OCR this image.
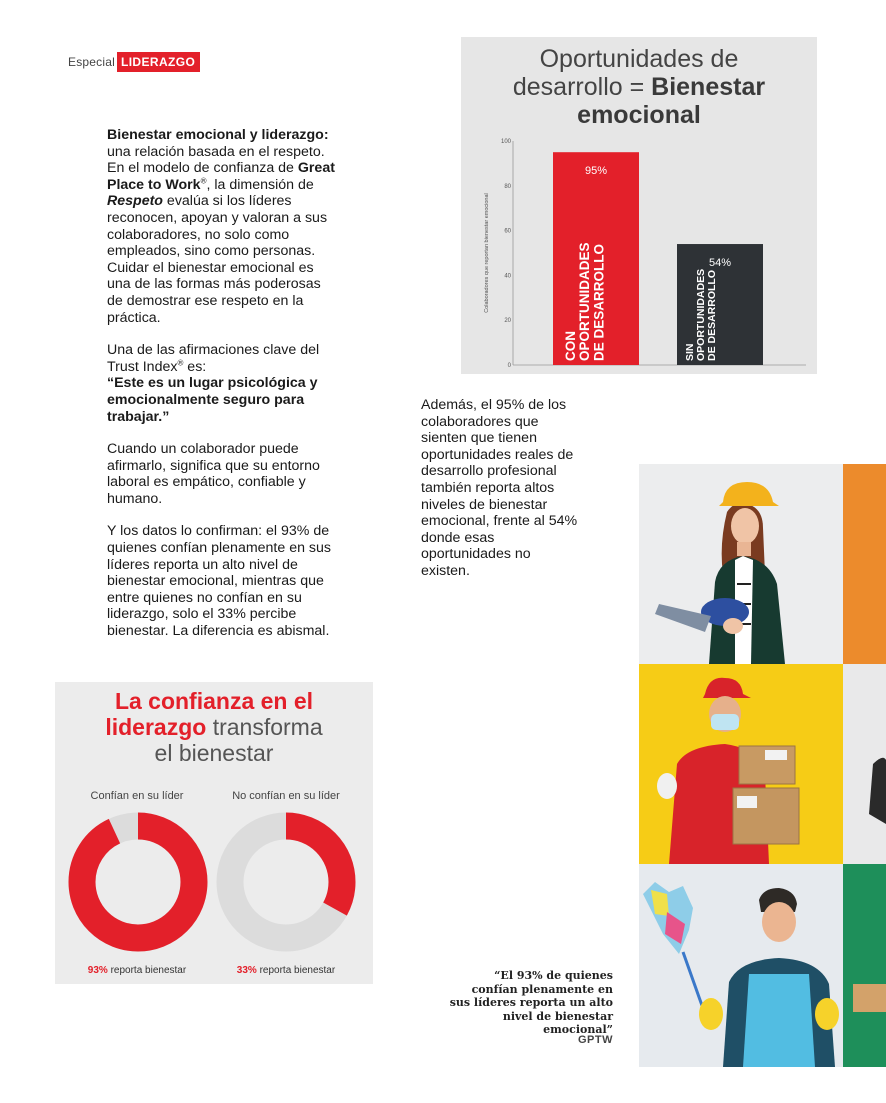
Especial LIDERAZGO

Bienestar emocional y liderazgo: una relación basada en el respeto. En el modelo de confianza de Great Place to Work®, la dimensión de Respeto evalúa si los líderes reconocen, apoyan y valoran a sus colaboradores, no solo como empleados, sino como personas. Cuidar el bienestar emocional es una de las formas más poderosas de demostrar ese respeto en la práctica.

Una de las afirmaciones clave del Trust Index® es:
“Este es un lugar psicológica y emocionalmente seguro para trabajar.”

Cuando un colaborador puede afirmarlo, significa que su entorno laboral es empático, confiable y humano.

Y los datos lo confirman: el 93% de quienes confían plenamente en sus líderes reporta un alto nivel de bienestar emocional, mientras que entre quienes no confían en su liderazgo, solo el 33% percibe bienestar. La diferencia es abismal.

Además, el 95% de los colaboradores que sienten que tienen oportunidades reales de desarrollo profesional también reporta altos niveles de bienestar emocional, frente al 54% donde esas oportunidades no existen.
Oportunidades de
desarrollo = Bienestar
emocional
0
20
40
60
80
100
Colaboradores que reportan bienestar emocional
95%
CONOPORTUNIDADESDE DESARROLLO	54%
SINOPORTUNIDADESDE DESARROLLO
La confianza en el
liderazgo transforma
el bienestar
Confían en su líder	No confían en su líder
93% reporta bienestar	33% reporta bienestar	“El 93% de quienes confían plenamente en sus líderes reporta un alto nivel de bienestar emocional”
GPTW
